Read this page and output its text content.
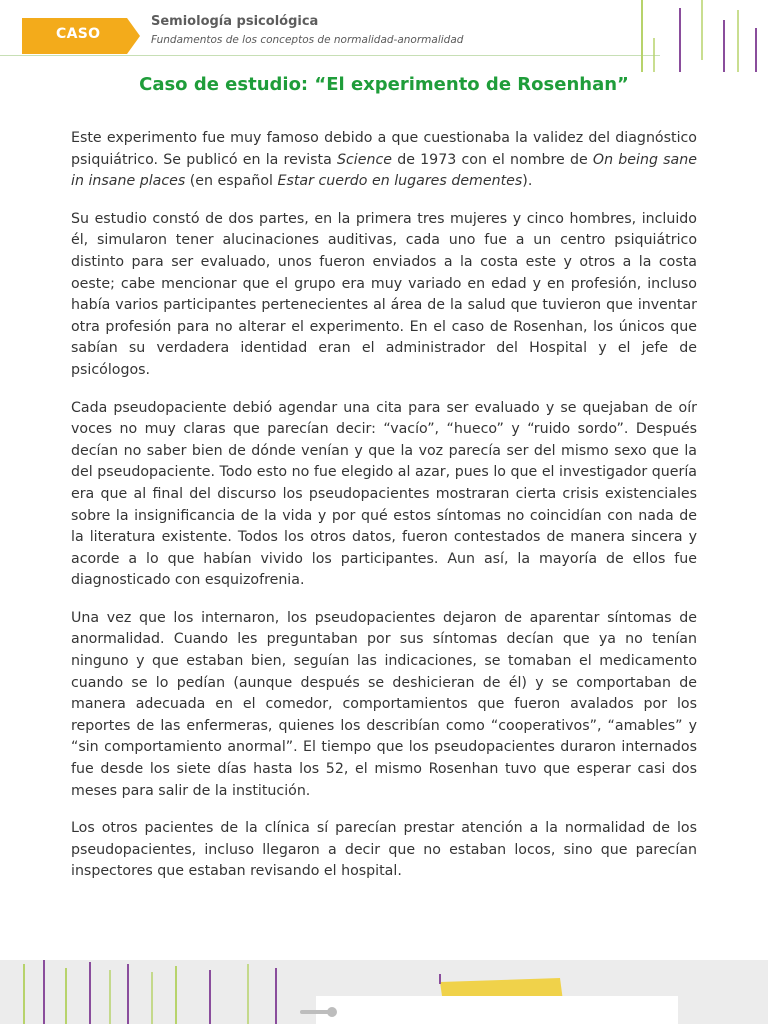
CASO
Semiología psicológica
Fundamentos de los conceptos de normalidad-anormalidad
Caso de estudio: “El experimento de Rosenhan”

Este experimento fue muy famoso debido a que cuestionaba la validez del diagnóstico psiquiátrico. Se publicó en la revista Science de 1973 con el nombre de On being sane in insane places (en español Estar cuerdo en lugares dementes).

Su estudio constó de dos partes, en la primera tres mujeres y cinco hombres, incluido él, simularon tener alucinaciones auditivas, cada uno fue a un centro psiquiátrico distinto para ser evaluado, unos fueron enviados a la costa este y otros a la costa oeste; cabe mencionar que el grupo era muy variado en edad y en profesión, incluso había varios participantes pertenecientes al área de la salud que tuvieron que inventar otra profesión para no alterar el experimento. En el caso de Rosenhan, los únicos que sabían su verdadera identidad eran el administrador del Hospital y el jefe de psicólogos.

Cada pseudopaciente debió agendar una cita para ser evaluado y se quejaban de oír voces no muy claras que parecían decir: “vacío”, “hueco” y “ruido sordo”. Después decían no saber bien de dónde venían y que la voz parecía ser del mismo sexo que la del pseudopaciente. Todo esto no fue elegido al azar, pues lo que el investigador quería era que al final del discurso los pseudopacientes mostraran cierta crisis existenciales sobre la insignificancia de la vida y por qué estos síntomas no coincidían con nada de la literatura existente. Todos los otros datos, fueron contestados de manera sincera y acorde a lo que habían vivido los participantes. Aun así, la mayoría de ellos fue diagnosticado con esquizofrenia.

Una vez que los internaron, los pseudopacientes dejaron de aparentar síntomas de anormalidad. Cuando les preguntaban por sus síntomas decían que ya no tenían ninguno y que estaban bien, seguían las indicaciones, se tomaban el medicamento cuando se lo pedían (aunque después se deshicieran de él) y se comportaban de manera adecuada en el comedor, comportamientos que fueron avalados por los reportes de las enfermeras, quienes los describían como “cooperativos”, “amables” y “sin comportamiento anormal”. El tiempo que los pseudopacientes duraron internados fue desde los siete días hasta los 52, el mismo Rosenhan tuvo que esperar casi dos meses para salir de la institución.

Los otros pacientes de la clínica sí parecían prestar atención a la normalidad de los pseudopacientes, incluso llegaron a decir que no estaban locos, sino que parecían inspectores que estaban revisando el hospital.
